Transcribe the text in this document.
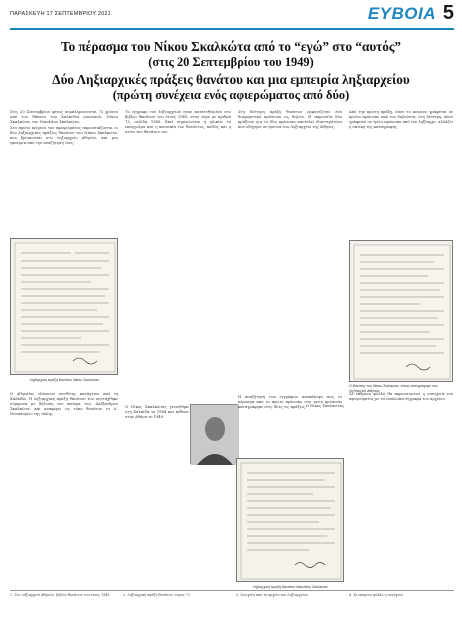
ΠΑΡΑΣΚΕΥΗ 17 ΣΕΠΤΕΜΒΡΙΟΥ 2021	ΕΥΒΟΙΑ 5
Το πέρασμα του Νίκου Σκαλκώτα από το “εγώ” στο “αυτός”
(στις 20 Σεπτεμβρίου του 1949)
Δύο Ληξιαρχικές πράξεις θανάτου και μια εμπειρία ληξιαρχείου
(πρώτη συνέχεια ενός αφιερώματος από δύο)

Στις 20 Σεπτεμβρίου φέτος συμπληρώνονται 72 χρόνια από τον θάνατο του Χαλκιδέα μουσικού, Νίκου Σκαλκώτα, του Νικολάου Σκαλκώτα.

Στο πρώτο κείμενο του αφιερώματος παρουσιάζονται οι δύο ληξιαρχικές πράξεις θανάτου του Νίκου Σκαλκώτα, που βρίσκονται στο Ληξιαρχείο Αθηνών, και μια εμπειρία από την αναζήτησή τους.

Ληξιαρχική πράξη θανάτου Νίκου Σκαλκώτα

Ο Αθηναίος ελάσσων συνθέτης κατάγεται από τη Χαλκίδα. Η ληξιαρχική πράξη θανάτου του συντάχθηκε σύμφωνα με δήλωση του πατέρα του, Αλέξανδρου Σκαλκώτα, και αναφέρει ως τόπο θανάτου το Α΄ Νοσοκομείο της πόλης.

Το έγγραφο του ληξιαρχείου ήταν κατατεθειμένο στο βιβλίο θανάτων του έτους 1949, στον τόμο με αριθμό 73, σελίδα 1949. Εκεί σημειώνεται η ηλικία, το επάγγελμα και η κατοικία του θανόντος, καθώς και η αιτία του θανάτου του.

Ο Νίκος Σκαλκώτας γεννήθηκε στη Χαλκίδα το 1904 και πέθανε στην Αθήνα το 1949.

Στη δεύτερη πράξη θανάτου εμφανίζεται ένα διαφορετικό πρόσωπο ως δηλών. Η παρουσία δύο πράξεων για το ίδιο πρόσωπο αποτελεί ιδιαιτερότητα που οδήγησε σε έρευνα στο Ληξιαρχείο της Αθήνας.

Η αναζήτηση των εγγράφων αποκάλυψε πως το πέρασμα από το πρώτο πρόσωπο στο τρίτο πρόσωπο καταγράφηκε στις ίδιες τις πράξεις. Ο Νίκος Σκαλκώτας
Ληξιαρχική πράξη θανάτου Νικολάου Σκαλκώτα

Από την πρώτη πράξη, όπου το κείμενο γράφεται σε πρώτο πρόσωπο από τον δηλούντα, στη δεύτερη, όπου γράφεται σε τρίτο πρόσωπο από τον ληξίαρχο, αλλάζει η οπτική της καταγραφής.

Ο θάνατος του Νίκου Σκαλκώτα, όπως καταγράφηκε στο Ληξιαρχείο Αθηνών

Σε επόμενο φύλλο θα παρουσιαστεί η συνέχεια του αφιερώματος με τα υπόλοιπα έγγραφα του αρχείου.

1. Στο Ληξιαρχείο Αθηνών, βιβλίο θανάτων του έτους 1949.	2. Ληξιαρχική πράξη θανάτου, τόμος 73.	3. Στοιχεία από το αρχείο του Ληξιαρχείου.	4. Σε επόμενο φύλλο η συνέχεια.
